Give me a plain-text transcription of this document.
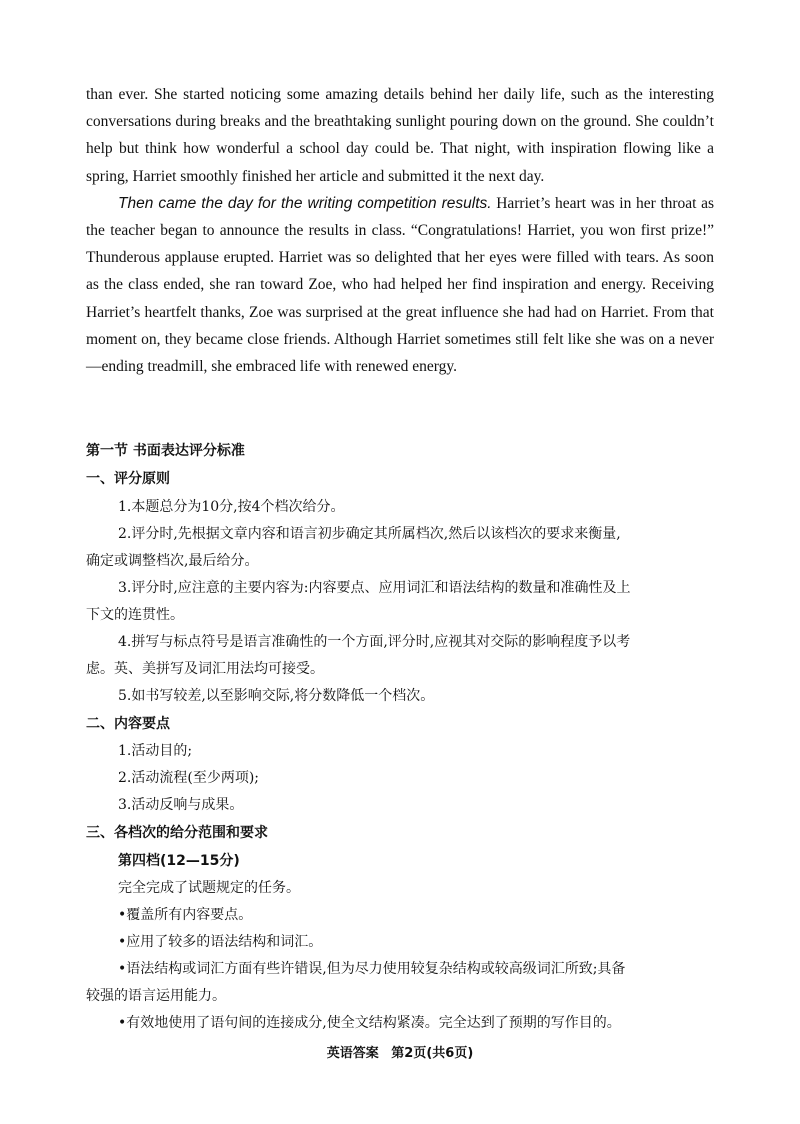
than ever. She started noticing some amazing details behind her daily life, such as the interesting conversations during breaks and the breathtaking sunlight pouring down on the ground. She couldn’t help but think how wonderful a school day could be. That night, with inspiration flowing like a spring, Harriet smoothly finished her article and submitted it the next day.

Then came the day for the writing competition results. Harriet’s heart was in her throat as the teacher began to announce the results in class. “Congratulations! Harriet, you won first prize!” Thunderous applause erupted. Harriet was so delighted that her eyes were filled with tears. As soon as the class ended, she ran toward Zoe, who had helped her find inspiration and energy. Receiving Harriet’s heartfelt thanks, Zoe was surprised at the great influence she had had on Harriet. From that moment on, they became close friends. Although Harriet sometimes still felt like she was on a never—ending treadmill, she embraced life with renewed energy.

第一节 书面表达评分标准
一、评分原则
1.本题总分为10分,按4个档次给分。
2.评分时,先根据文章内容和语言初步确定其所属档次,然后以该档次的要求来衡量,
确定或调整档次,最后给分。
3.评分时,应注意的主要内容为:内容要点、应用词汇和语法结构的数量和准确性及上
下文的连贯性。
4.拼写与标点符号是语言准确性的一个方面,评分时,应视其对交际的影响程度予以考
虑。英、美拼写及词汇用法均可接受。
5.如书写较差,以至影响交际,将分数降低一个档次。
二、内容要点
1.活动目的;
2.活动流程(至少两项);
3.活动反响与成果。
三、各档次的给分范围和要求
第四档(12—15分)
完全完成了试题规定的任务。
•覆盖所有内容要点。
•应用了较多的语法结构和词汇。
•语法结构或词汇方面有些许错误,但为尽力使用较复杂结构或较高级词汇所致;具备
较强的语言运用能力。
•有效地使用了语句间的连接成分,使全文结构紧凑。完全达到了预期的写作目的。
英语答案 第2页(共6页)
